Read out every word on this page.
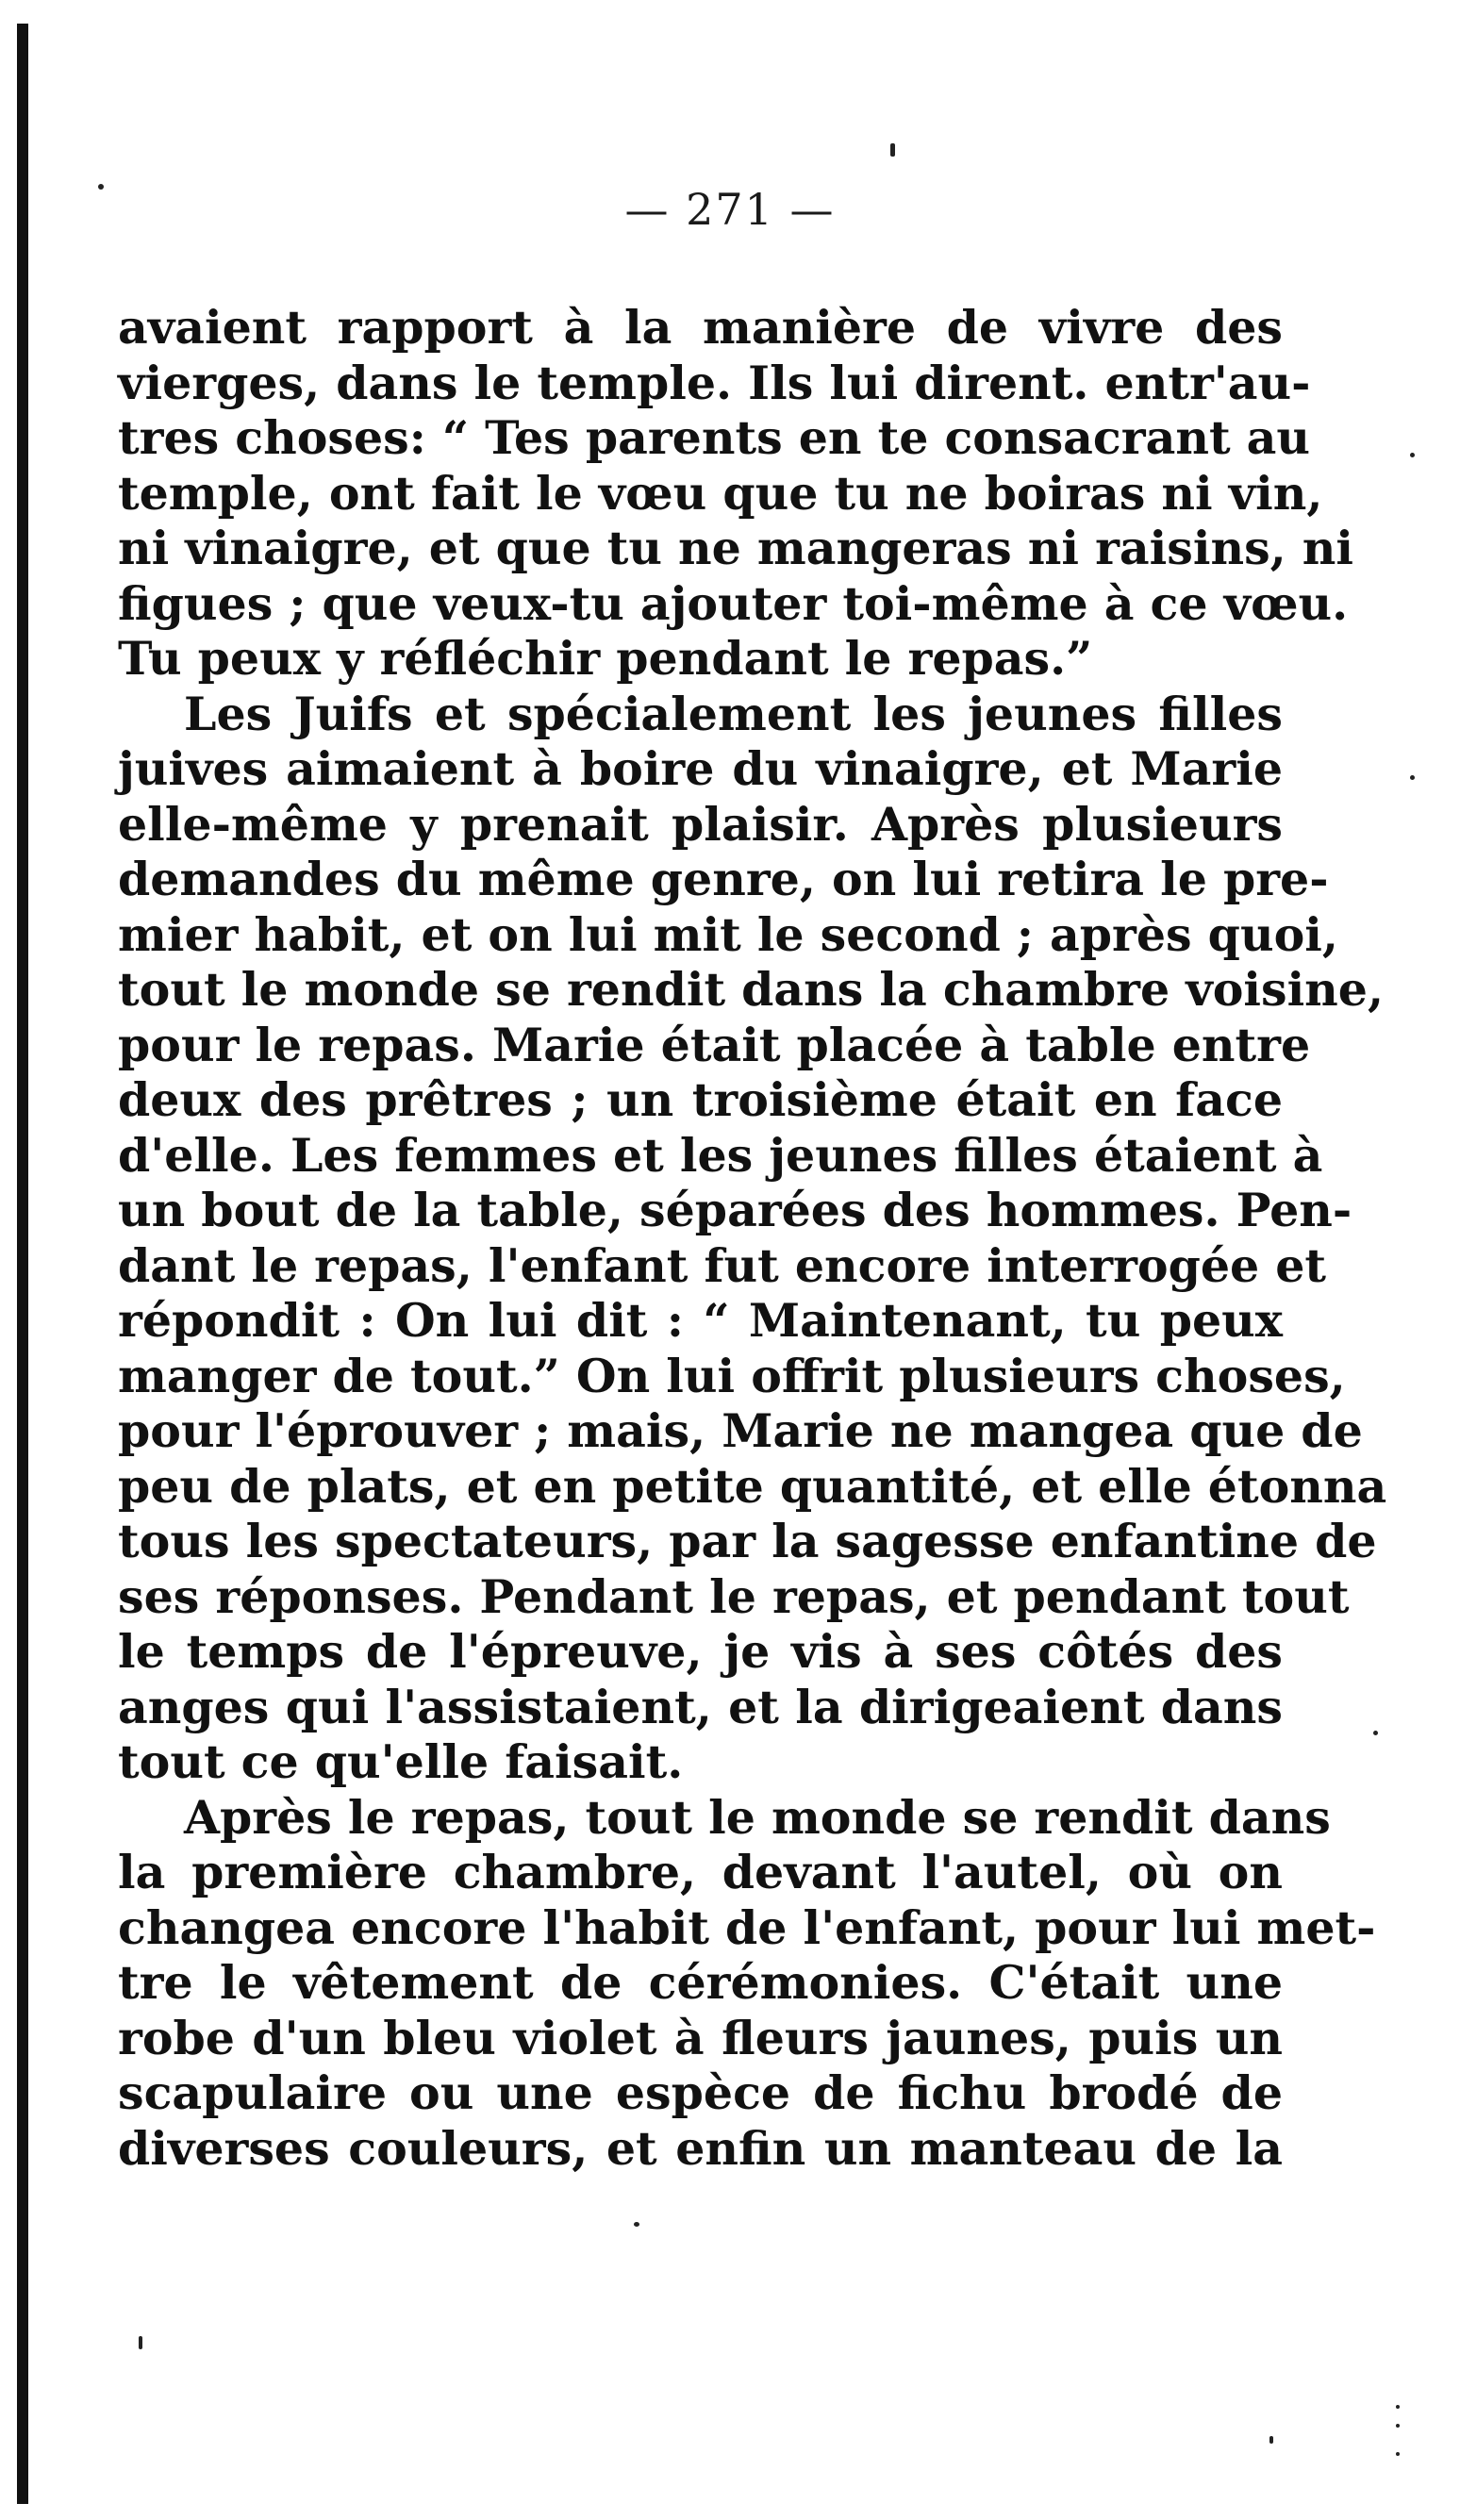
— 271 —
avaient rapport à la manière de vivre des
vierges, dans le temple. Ils lui dirent. entr'au-
tres choses: “ Tes parents en te consacrant au
temple, ont fait le vœu que tu ne boiras ni vin,
ni vinaigre, et que tu ne mangeras ni raisins, ni
figues ; que veux-tu ajouter toi-même à ce vœu.
Tu peux y réfléchir pendant le repas.”
Les Juifs et spécialement les jeunes filles
juives aimaient à boire du vinaigre, et Marie
elle-même y prenait plaisir. Après plusieurs
demandes du même genre, on lui retira le pre-
mier habit, et on lui mit le second ; après quoi,
tout le monde se rendit dans la chambre voisine,
pour le repas. Marie était placée à table entre
deux des prêtres ; un troisième était en face
d'elle. Les femmes et les jeunes filles étaient à
un bout de la table, séparées des hommes. Pen-
dant le repas, l'enfant fut encore interrogée et
répondit : On lui dit : “ Maintenant, tu peux
manger de tout.” On lui offrit plusieurs choses,
pour l'éprouver ; mais, Marie ne mangea que de
peu de plats, et en petite quantité, et elle étonna
tous les spectateurs, par la sagesse enfantine de
ses réponses. Pendant le repas, et pendant tout
le temps de l'épreuve, je vis à ses côtés des
anges qui l'assistaient, et la dirigeaient dans
tout ce qu'elle faisait.
Après le repas, tout le monde se rendit dans
la première chambre, devant l'autel, où on
changea encore l'habit de l'enfant, pour lui met-
tre le vêtement de cérémonies. C'était une
robe d'un bleu violet à fleurs jaunes, puis un
scapulaire ou une espèce de fichu brodé de
diverses couleurs, et enfin un manteau de la
